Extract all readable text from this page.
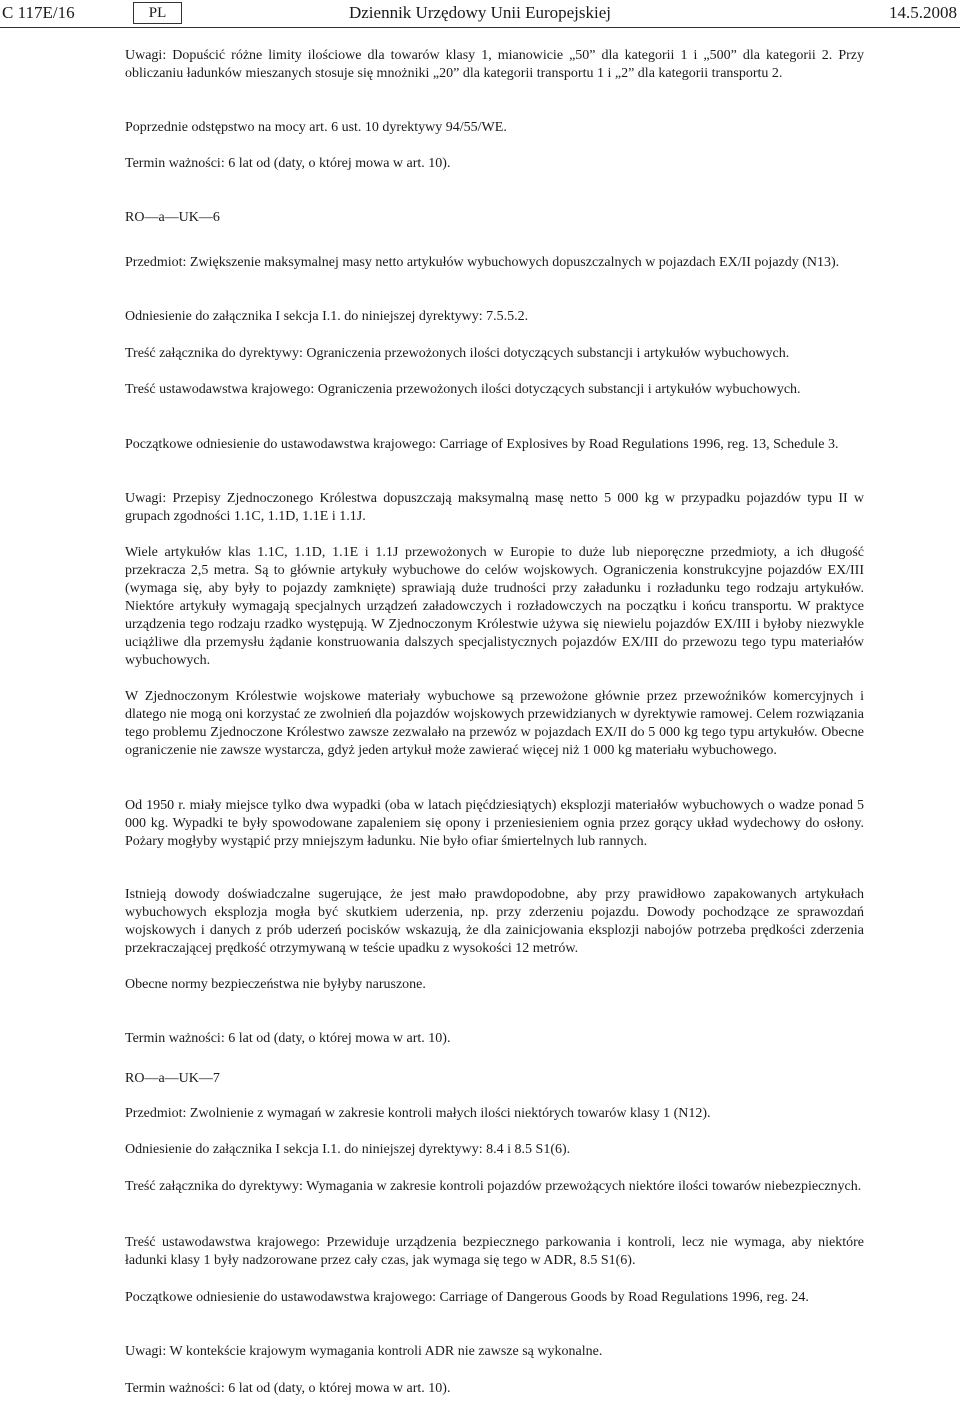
C 117E/16	PL	Dziennik Urzędowy Unii Europejskiej	14.5.2008
Uwagi: Dopuścić różne limity ilościowe dla towarów klasy 1, mianowicie „50” dla kategorii 1 i „500” dla kategorii 2. Przy obliczaniu ładunków mieszanych stosuje się mnożniki „20” dla kategorii transportu 1 i „2” dla kategorii transportu 2.
Poprzednie odstępstwo na mocy art. 6 ust. 10 dyrektywy 94/55/WE.
Termin ważności: 6 lat od (daty, o której mowa w art. 10).
RO—a—UK—6
Przedmiot: Zwiększenie maksymalnej masy netto artykułów wybuchowych dopuszczalnych w pojazdach EX/II pojazdy (N13).
Odniesienie do załącznika I sekcja I.1. do niniejszej dyrektywy: 7.5.5.2.
Treść załącznika do dyrektywy: Ograniczenia przewożonych ilości dotyczących substancji i artykułów wybuchowych.
Treść ustawodawstwa krajowego: Ograniczenia przewożonych ilości dotyczących substancji i artykułów wybuchowych.
Początkowe odniesienie do ustawodawstwa krajowego: Carriage of Explosives by Road Regulations 1996, reg. 13, Schedule 3.
Uwagi: Przepisy Zjednoczonego Królestwa dopuszczają maksymalną masę netto 5 000 kg w przypadku pojazdów typu II w grupach zgodności 1.1C, 1.1D, 1.1E i 1.1J.
Wiele artykułów klas 1.1C, 1.1D, 1.1E i 1.1J przewożonych w Europie to duże lub nieporęczne przedmioty, a ich długość przekracza 2,5 metra. Są to głównie artykuły wybuchowe do celów wojskowych. Ograniczenia konstrukcyjne pojazdów EX/III (wymaga się, aby były to pojazdy zamknięte) sprawiają duże trudności przy załadunku i rozładunku tego rodzaju artykułów. Niektóre artykuły wymagają specjalnych urządzeń załadowczych i rozładowczych na początku i końcu transportu. W praktyce urządzenia tego rodzaju rzadko występują. W Zjednoczonym Królestwie używa się niewielu pojazdów EX/III i byłoby niezwykle uciążliwe dla przemysłu żądanie konstruowania dalszych specjalistycznych pojazdów EX/III do przewozu tego typu materiałów wybuchowych.
W Zjednoczonym Królestwie wojskowe materiały wybuchowe są przewożone głównie przez przewoźników komercyjnych i dlatego nie mogą oni korzystać ze zwolnień dla pojazdów wojskowych przewidzianych w dyrektywie ramowej. Celem rozwiązania tego problemu Zjednoczone Królestwo zawsze zezwalało na przewóz w pojazdach EX/II do 5 000 kg tego typu artykułów. Obecne ograniczenie nie zawsze wystarcza, gdyż jeden artykuł może zawierać więcej niż 1 000 kg materiału wybuchowego.
Od 1950 r. miały miejsce tylko dwa wypadki (oba w latach pięćdziesiątych) eksplozji materiałów wybuchowych o wadze ponad 5 000 kg. Wypadki te były spowodowane zapaleniem się opony i przeniesieniem ognia przez gorący układ wydechowy do osłony. Pożary mogłyby wystąpić przy mniejszym ładunku. Nie było ofiar śmiertelnych lub rannych.
Istnieją dowody doświadczalne sugerujące, że jest mało prawdopodobne, aby przy prawidłowo zapakowanych artykułach wybuchowych eksplozja mogła być skutkiem uderzenia, np. przy zderzeniu pojazdu. Dowody pochodzące ze sprawozdań wojskowych i danych z prób uderzeń pocisków wskazują, że dla zainicjowania eksplozji nabojów potrzeba prędkości zderzenia przekraczającej prędkość otrzymywaną w teście upadku z wysokości 12 metrów.
Obecne normy bezpieczeństwa nie byłyby naruszone.
Termin ważności: 6 lat od (daty, o której mowa w art. 10).
RO—a—UK—7
Przedmiot: Zwolnienie z wymagań w zakresie kontroli małych ilości niektórych towarów klasy 1 (N12).
Odniesienie do załącznika I sekcja I.1. do niniejszej dyrektywy: 8.4 i 8.5 S1(6).
Treść załącznika do dyrektywy: Wymagania w zakresie kontroli pojazdów przewożących niektóre ilości towarów niebezpiecznych.
Treść ustawodawstwa krajowego: Przewiduje urządzenia bezpiecznego parkowania i kontroli, lecz nie wymaga, aby niektóre ładunki klasy 1 były nadzorowane przez cały czas, jak wymaga się tego w ADR, 8.5 S1(6).
Początkowe odniesienie do ustawodawstwa krajowego: Carriage of Dangerous Goods by Road Regulations 1996, reg. 24.
Uwagi: W kontekście krajowym wymagania kontroli ADR nie zawsze są wykonalne.
Termin ważności: 6 lat od (daty, o której mowa w art. 10).
